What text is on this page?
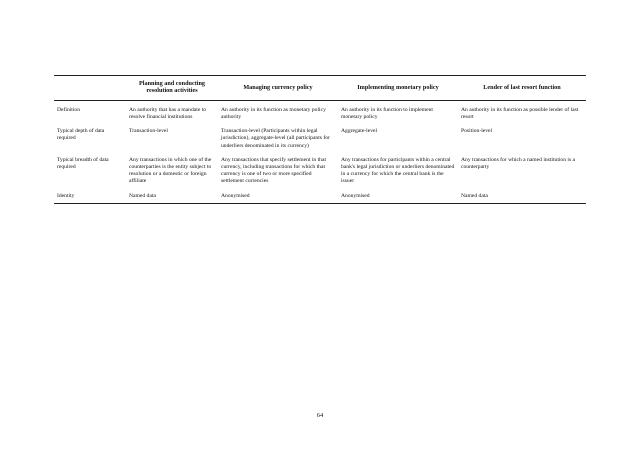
	Planning and conducting resolution activities	Managing currency policy	Implementing monetary policy	Lender of last resort function
Definition	An authority that has a mandate to resolve financial institutions	An authority in its function as monetary policy authority	An authority in its function to implement monetary policy	An authority in its function as possible lender of last resort
Typical depth of data required	Transaction-level	Transaction-level (Participants within legal jurisdiction), aggregate-level (all participants for underliers denominated in its currency)	Aggregate-level	Position-level
Typical breadth of data required	Any transactions in which one of the counterparties is the entity subject to resolution or a domestic or foreign affiliate	Any transactions that specify settlement in that currency, including transactions for which that currency is one of two or more specified settlement currencies	Any transactions for participants within a central bank's legal jurisdiction or underliers denominated in a currency for which the central bank is the issuer	Any transactions for which a named institution is a counterparty
Identity	Named data	Anonymised	Anonymised	Named data
64
